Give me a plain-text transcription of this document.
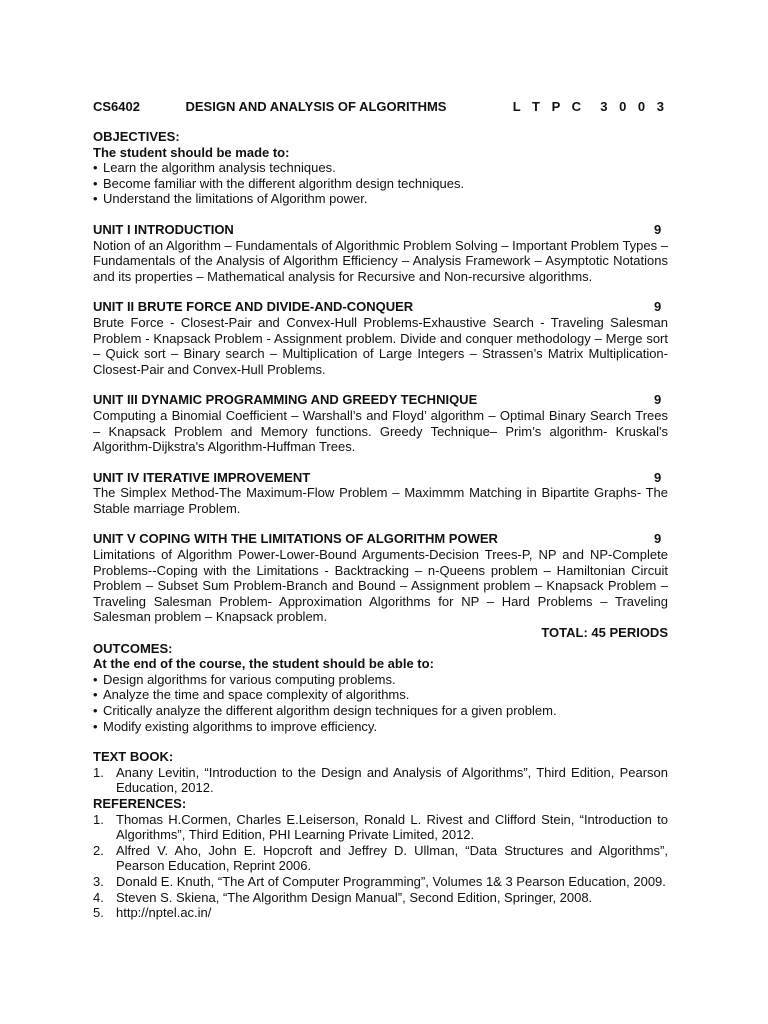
CS6402	DESIGN AND ANALYSIS OF ALGORITHMS	L T P C	3 0 0 3
OBJECTIVES:
The student should be made to:
• Learn the algorithm analysis techniques.
• Become familiar with the different algorithm design techniques.
• Understand the limitations of Algorithm power.
UNIT I INTRODUCTION	9
Notion of an Algorithm – Fundamentals of Algorithmic Problem Solving – Important Problem Types – Fundamentals of the Analysis of Algorithm Efficiency – Analysis Framework – Asymptotic Notations and its properties – Mathematical analysis for Recursive and Non-recursive algorithms.
UNIT II BRUTE FORCE AND DIVIDE-AND-CONQUER	9
Brute Force - Closest-Pair and Convex-Hull Problems-Exhaustive Search - Traveling Salesman Problem - Knapsack Problem - Assignment problem. Divide and conquer methodology – Merge sort – Quick sort – Binary search – Multiplication of Large Integers – Strassen’s Matrix Multiplication-Closest-Pair and Convex-Hull Problems.
UNIT III DYNAMIC PROGRAMMING AND GREEDY TECHNIQUE	9
Computing a Binomial Coefficient – Warshall’s and Floyd’ algorithm – Optimal Binary Search Trees – Knapsack Problem and Memory functions. Greedy Technique– Prim’s algorithm- Kruskal's Algorithm-Dijkstra's Algorithm-Huffman Trees.
UNIT IV ITERATIVE IMPROVEMENT	9
The Simplex Method-The Maximum-Flow Problem – Maximmm Matching in Bipartite Graphs- The Stable marriage Problem.
UNIT V COPING WITH THE LIMITATIONS OF ALGORITHM POWER	9
Limitations of Algorithm Power-Lower-Bound Arguments-Decision Trees-P, NP and NP-Complete Problems--Coping with the Limitations - Backtracking – n-Queens problem – Hamiltonian Circuit Problem – Subset Sum Problem-Branch and Bound – Assignment problem – Knapsack Problem – Traveling Salesman Problem- Approximation Algorithms for NP – Hard Problems – Traveling Salesman problem – Knapsack problem.
TOTAL: 45 PERIODS
OUTCOMES:
At the end of the course, the student should be able to:
• Design algorithms for various computing problems.
• Analyze the time and space complexity of algorithms.
• Critically analyze the different algorithm design techniques for a given problem.
• Modify existing algorithms to improve efficiency.
TEXT BOOK:
1. Anany Levitin, “Introduction to the Design and Analysis of Algorithms”, Third Edition, Pearson Education, 2012.
REFERENCES:
1. Thomas H.Cormen, Charles E.Leiserson, Ronald L. Rivest and Clifford Stein, “Introduction to Algorithms”, Third Edition, PHI Learning Private Limited, 2012.
2. Alfred V. Aho, John E. Hopcroft and Jeffrey D. Ullman, “Data Structures and Algorithms”, Pearson Education, Reprint 2006.
3. Donald E. Knuth, “The Art of Computer Programming”, Volumes 1& 3 Pearson Education, 2009.
4. Steven S. Skiena, “The Algorithm Design Manual”, Second Edition, Springer, 2008.
5. http://nptel.ac.in/
